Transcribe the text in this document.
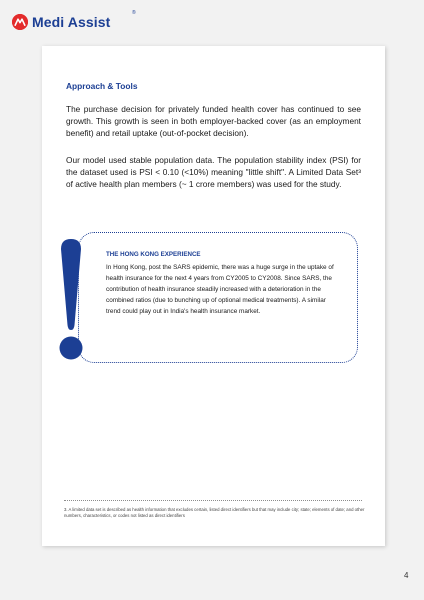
Medi Assist
®
Approach & Tools
The purchase decision for privately funded health cover has continued to see growth. This growth is seen in both employer-backed cover (as an employment benefit) and retail uptake (out-of-pocket decision).
Our model used stable population data. The population stability index (PSI) for the dataset used is PSI < 0.10 (<10%) meaning "little shift". A Limited Data Set³ of active health plan members (~ 1 crore members) was used for the study.
THE HONG KONG EXPERIENCE
In Hong Kong, post the SARS epidemic, there was a huge surge in the uptake of health insurance for the next 4 years from CY2005 to CY2008. Since SARS, the contribution of health insurance steadily increased with a deterioration in the combined ratios (due to bunching up of optional medical treatments). A similar trend could play out in India's health insurance market.
3. A limited data set is described as health information that excludes certain, listed direct identifiers but that may include city; state; elements of date; and other numbers, characteristics, or codes not listed as direct identifiers
4
